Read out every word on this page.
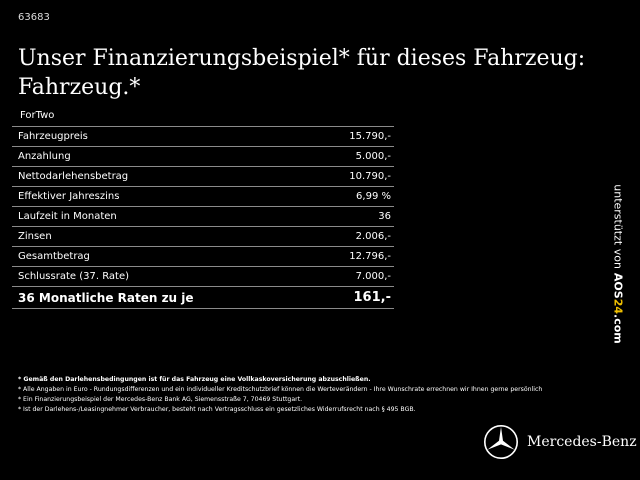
63683
Unser Finanzierungsbeispiel* für dieses Fahrzeug: Fahrzeug.*
ForTwo
Fahrzeugpreis	15.790,-
Anzahlung	5.000,-
Nettodarlehensbetrag	10.790,-
Effektiver Jahreszins	6,99 %
Laufzeit in Monaten	36
Zinsen	2.006,-
Gesamtbetrag	12.796,-
Schlussrate (37. Rate)	7.000,-
36 Monatliche Raten zu je	161,-
unterstützt vonAOS24.com
* Gemäß den Darlehensbedingungen ist für das Fahrzeug eine Vollkaskoversicherung abzuschließen.
* Alle Angaben in Euro - Rundungsdifferenzen und ein individueller Kreditschutzbrief können die Werteverändern - Ihre Wunschrate errechnen wir Ihnen gerne persönlich
* Ein Finanzierungsbeispiel der Mercedes-Benz Bank AG, Siemensstraße 7, 70469 Stuttgart.
* Ist der Darlehens-/Leasingnehmer Verbraucher, besteht nach Vertragsschluss ein gesetzliches Widerrufsrecht nach § 495 BGB.
Mercedes-Benz
